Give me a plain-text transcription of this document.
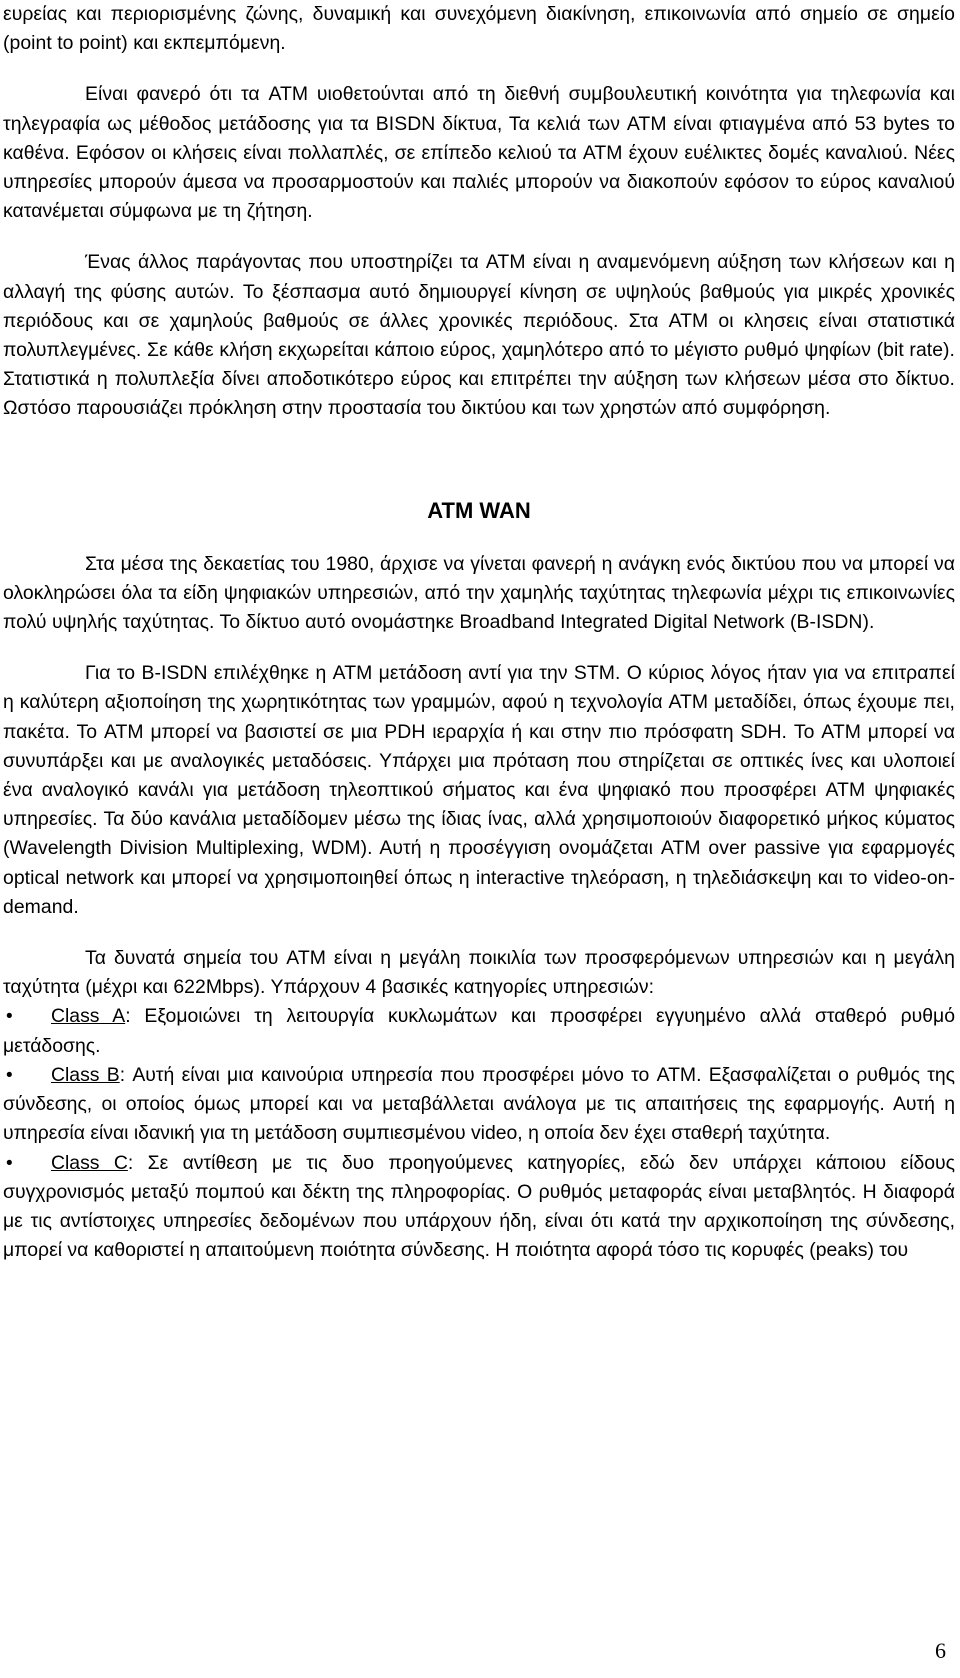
ευρείας και περιορισμένης ζώνης, δυναμική και συνεχόμενη διακίνηση, επικοινωνία από σημείο σε σημείο (point to point) και εκπεμπόμενη.

Είναι φανερό ότι τα ATM υιοθετούνται από τη διεθνή συμβουλευτική κοινότητα για τηλεφωνία και τηλεγραφία ως μέθοδος μετάδοσης για τα BISDN δίκτυα, Τα κελιά των ATM είναι φτιαγμένα από 53 bytes το καθένα. Εφόσον οι κλήσεις είναι πολλαπλές, σε επίπεδο κελιού τα ATM έχουν ευέλικτες δομές καναλιού. Νέες υπηρεσίες μπορούν άμεσα να προσαρμοστούν και παλιές μπορούν να διακοπούν εφόσον το εύρος καναλιού κατανέμεται σύμφωνα με τη ζήτηση.

Ένας άλλος παράγοντας που υποστηρίζει τα ATM είναι η αναμενόμενη αύξηση των κλήσεων και η αλλαγή της φύσης αυτών. Το ξέσπασμα αυτό δημιουργεί κίνηση σε υψηλούς βαθμούς για μικρές χρονικές περιόδους και σε χαμηλούς βαθμούς σε άλλες χρονικές περιόδους. Στα ATM οι κλησεις είναι στατιστικά πολυπλεγμένες. Σε κάθε κλήση εκχωρείται κάποιο εύρος, χαμηλότερο από το μέγιστο ρυθμό ψηφίων (bit rate). Στατιστικά η πολυπλεξία δίνει αποδοτικότερο εύρος και επιτρέπει την αύξηση των κλήσεων μέσα στο δίκτυο. Ωστόσο παρουσιάζει πρόκληση στην προστασία του δικτύου και των χρηστών από συμφόρηση.

ATM WAN

Στα μέσα της δεκαετίας του 1980, άρχισε να γίνεται φανερή η ανάγκη ενός δικτύου που να μπορεί να ολοκληρώσει όλα τα είδη ψηφιακών υπηρεσιών, από την χαμηλής ταχύτητας τηλεφωνία μέχρι τις επικοινωνίες πολύ υψηλής ταχύτητας. Το δίκτυο αυτό ονομάστηκε Broadband Integrated Digital Network (B-ISDN).

Για το B-ISDN επιλέχθηκε η ATM μετάδοση αντί για την STM. Ο κύριος λόγος ήταν για να επιτραπεί η καλύτερη αξιοποίηση της χωρητικότητας των γραμμών, αφού η τεχνολογία ATM μεταδίδει, όπως έχουμε πει, πακέτα. Το ATM μπορεί να βασιστεί σε μια PDH ιεραρχία ή και στην πιο πρόσφατη SDH. Το ATM μπορεί να συνυπάρξει και με αναλογικές μεταδόσεις. Υπάρχει μια πρόταση που στηρίζεται σε οπτικές ίνες και υλοποιεί ένα αναλογικό κανάλι για μετάδοση τηλεοπτικού σήματος και ένα ψηφιακό που προσφέρει ATM ψηφιακές υπηρεσίες. Τα δύο κανάλια μεταδίδομεν μέσω της ίδιας ίνας, αλλά χρησιμοποιούν διαφορετικό μήκος κύματος (Wavelength Division Multiplexing, WDM). Αυτή η προσέγγιση ονομάζεται ATM over passive για εφαρμογές optical network και μπορεί να χρησιμοποιηθεί όπως η interactive τηλεόραση, η τηλεδιάσκεψη και το video-on-demand.

Τα δυνατά σημεία του ATM είναι η μεγάλη ποικιλία των προσφερόμενων υπηρεσιών και η μεγάλη ταχύτητα (μέχρι και 622Mbps). Υπάρχουν 4 βασικές κατηγορίες υπηρεσιών:

• Class A: Εξομοιώνει τη λειτουργία κυκλωμάτων και προσφέρει εγγυημένο αλλά σταθερό ρυθμό μετάδοσης.
• Class B: Αυτή είναι μια καινούρια υπηρεσία που προσφέρει μόνο το ATM. Εξασφαλίζεται ο ρυθμός της σύνδεσης, οι οποίος όμως μπορεί και να μεταβάλλεται ανάλογα με τις απαιτήσεις της εφαρμογής. Αυτή η υπηρεσία είναι ιδανική για τη μετάδοση συμπιεσμένου video, η οποία δεν έχει σταθερή ταχύτητα.
• Class C: Σε αντίθεση με τις δυο προηγούμενες κατηγορίες, εδώ δεν υπάρχει κάποιου είδους συγχρονισμός μεταξύ πομπού και δέκτη της πληροφορίας. Ο ρυθμός μεταφοράς είναι μεταβλητός. Η διαφορά με τις αντίστοιχες υπηρεσίες δεδομένων που υπάρχουν ήδη, είναι ότι κατά την αρχικοποίηση της σύνδεσης, μπορεί να καθοριστεί η απαιτούμενη ποιότητα σύνδεσης. Η ποιότητα αφορά τόσο τις κορυφές (peaks) του
6
